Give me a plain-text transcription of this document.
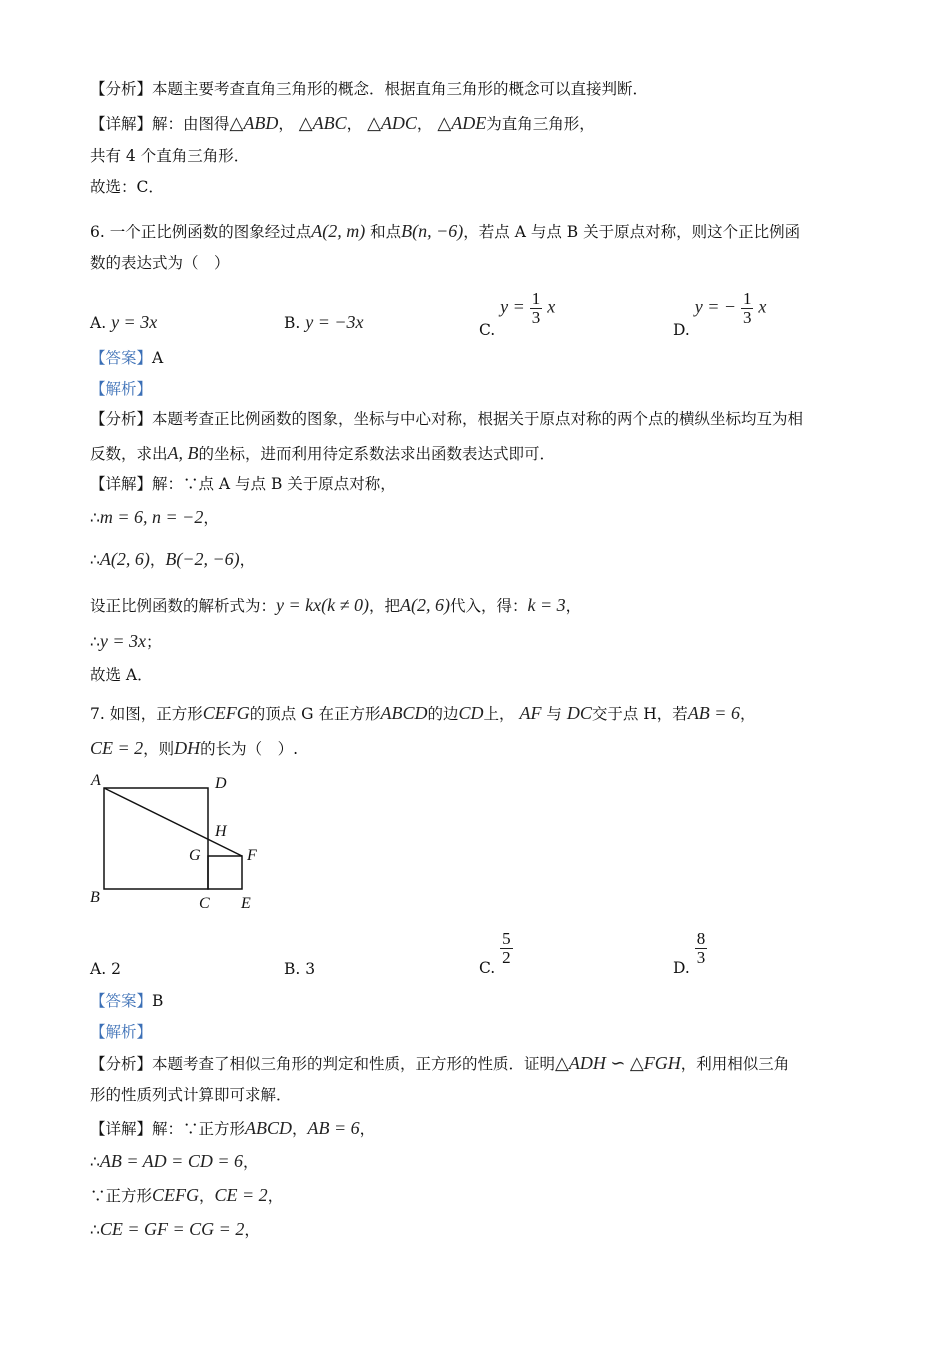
【分析】本题主要考查直角三角形的概念．根据直角三角形的概念可以直接判断．
【详解】解：由图得△ABD， △ABC， △ADC， △ADE为直角三角形，
共有 4 个直角三角形．
故选：C．
6. 一个正比例函数的图象经过点A(2, m) 和点B(n, −6)，若点 A 与点 B 关于原点对称，则这个正比例函
数的表达式为（　）
A. y = 3x	B. y = −3x	C. $y = \frac{1}{3}$ x
D. y = − $\frac{1}{3}$ x
【答案】A
【解析】
【分析】本题考查正比例函数的图象，坐标与中心对称，根据关于原点对称的两个点的横纵坐标均互为相
反数，求出A, B的坐标，进而利用待定系数法求出函数表达式即可．
【详解】解：∵点 A 与点 B 关于原点对称，
∴m = 6, n = −2，
∴A(2, 6)，B(−2, −6)，
设正比例函数的解析式为：y = kx(k ≠ 0)，把A(2, 6)代入，得：k = 3，
∴y = 3x；
故选 A．
7. 如图，正方形CEFG的顶点 G 在正方形ABCD的边CD上， AF 与 DC交于点 H，若AB = 6，
CE = 2，则DH的长为（　）.
A	D
H
G	F
B	C E
A. 2	B. 3	C.
$\frac{5}{2}$
D.
$\frac{8}{3}$
【答案】B
【解析】
【分析】本题考查了相似三角形的判定和性质，正方形的性质．证明△ADH ∽ △FGH，利用相似三角
形的性质列式计算即可求解．
【详解】解：∵正方形ABCD，AB = 6，
∴AB = AD = CD = 6，
∵正方形CEFG，CE = 2，
∴CE = GF = CG = 2，
